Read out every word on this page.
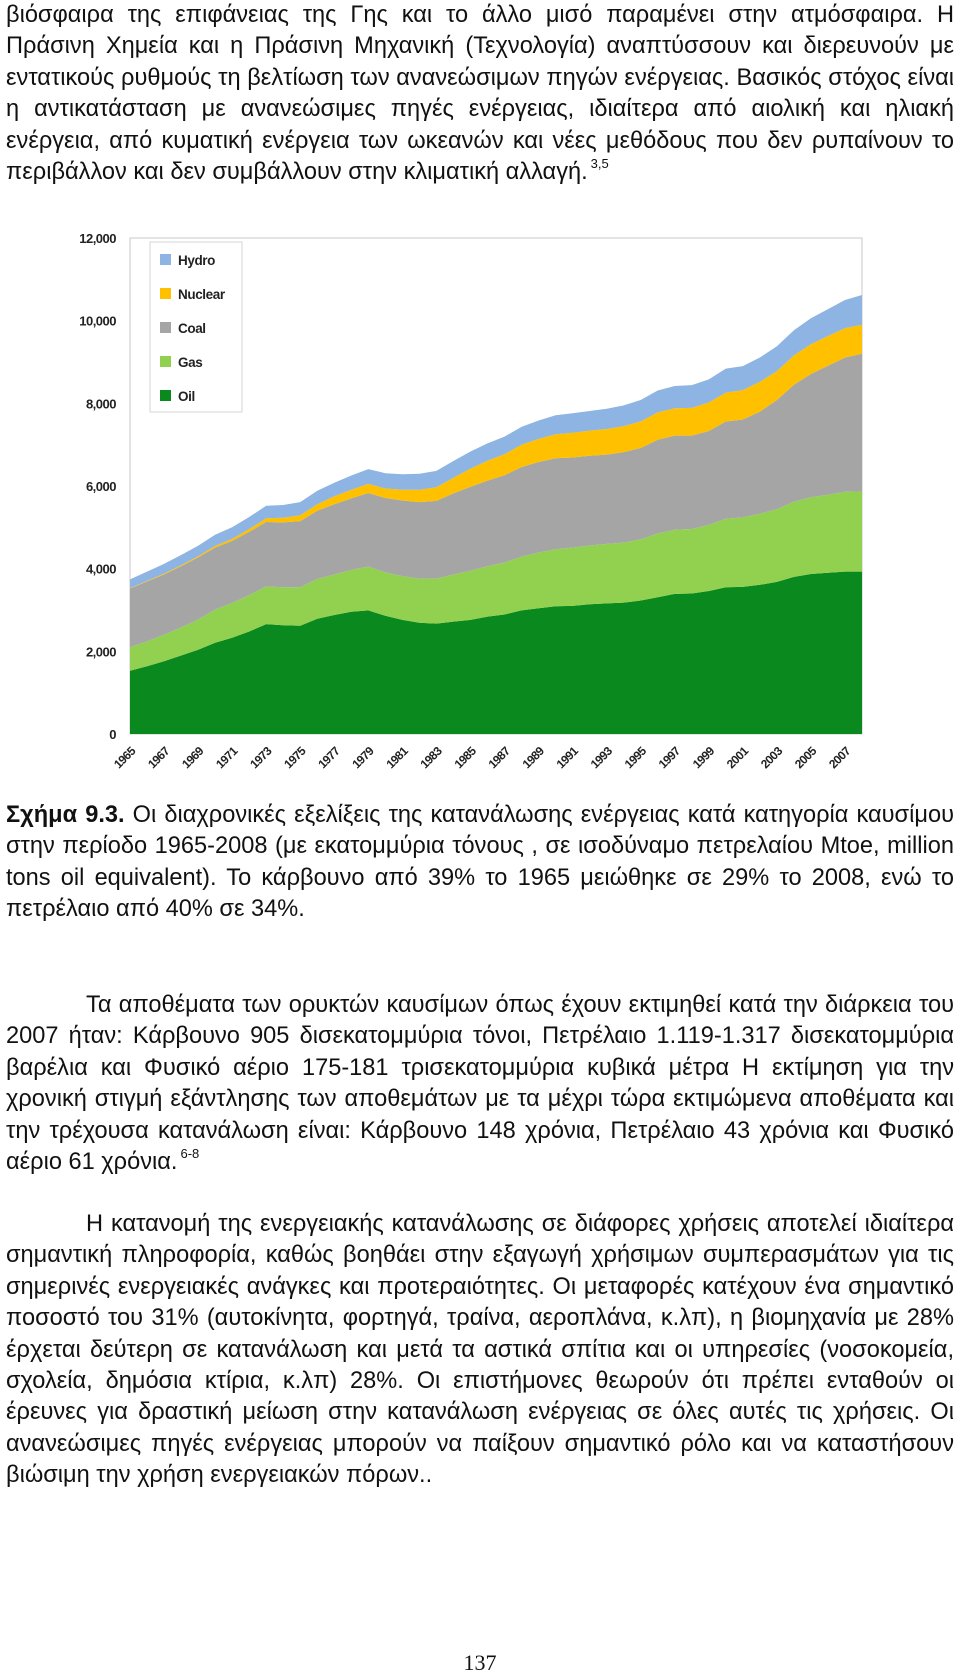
βιόσφαιρα της επιφάνειας της Γης και το άλλο μισό παραμένει στην ατμόσφαιρα. Η Πράσινη Χημεία και η Πράσινη Μηχανική (Τεχνολογία) αναπτύσσουν και διερευνούν με εντατικούς ρυθμούς τη βελτίωση των ανανεώσιμων πηγών ενέργειας. Βασικός στόχος είναι η αντικατάσταση με ανανεώσιμες πηγές ενέργειας, ιδιαίτερα από αιολική και ηλιακή ενέργεια, από κυματική ενέργεια των ωκεανών και νέες μεθόδους που δεν ρυπαίνουν το περιβάλλον και δεν συμβάλλουν στην κλιματική αλλαγή. $^{3,5}$
0
2,000
4,000
6,000
8,000
10,000
12,000
1965 1967 1969 1971 1973 1975 1977 1979 1981 1983 1985 1987 1989 1991 1993 1995 1997 1999 2001 2003 2005 2007
Hydro
Nuclear
Coal
Gas
Oil
Σχήμα 9.3. Οι διαχρονικές εξελίξεις της κατανάλωσης ενέργειας κατά κατηγορία καυσίμου στην περίοδο 1965-2008 (με εκατομμύρια τόνους , σε ισοδύναμο πετρελαίου Mtoe, million tons oil equivalent). Το κάρβουνο από 39% το 1965 μειώθηκε σε 29% το 2008, ενώ το πετρέλαιο από 40% σε 34%.
Τα αποθέματα των ορυκτών καυσίμων όπως έχουν εκτιμηθεί κατά την διάρκεια του 2007 ήταν: Κάρβουνο 905 δισεκατομμύρια τόνοι, Πετρέλαιο 1.119-1.317 δισεκατομμύρια βαρέλια και Φυσικό αέριο 175-181 τρισεκατομμύρια κυβικά μέτρα Η εκτίμηση για την χρονική στιγμή εξάντλησης των αποθεμάτων με τα μέχρι τώρα εκτιμώμενα αποθέματα και την τρέχουσα κατανάλωση είναι: Κάρβουνο 148 χρόνια, Πετρέλαιο 43 χρόνια και Φυσικό αέριο 61 χρόνια. $^{6-8}$
Η κατανομή της ενεργειακής κατανάλωσης σε διάφορες χρήσεις αποτελεί ιδιαίτερα σημαντική πληροφορία, καθώς βοηθάει στην εξαγωγή χρήσιμων συμπερασμάτων για τις σημερινές ενεργειακές ανάγκες και προτεραιότητες. Οι μεταφορές κατέχουν ένα σημαντικό ποσοστό του 31% (αυτοκίνητα, φορτηγά, τραίνα, αεροπλάνα, κ.λπ), η βιομηχανία με 28% έρχεται δεύτερη σε κατανάλωση και μετά τα αστικά σπίτια και οι υπηρεσίες (νοσοκομεία, σχολεία, δημόσια κτίρια, κ.λπ) 28%. Οι επιστήμονες θεωρούν ότι πρέπει ενταθούν οι έρευνες για δραστική μείωση στην κατανάλωση ενέργειας σε όλες αυτές τις χρήσεις. Οι ανανεώσιμες πηγές ενέργειας μπορούν να παίξουν σημαντικό ρόλο και να καταστήσουν βιώσιμη την χρήση ενεργειακών πόρων..
137
